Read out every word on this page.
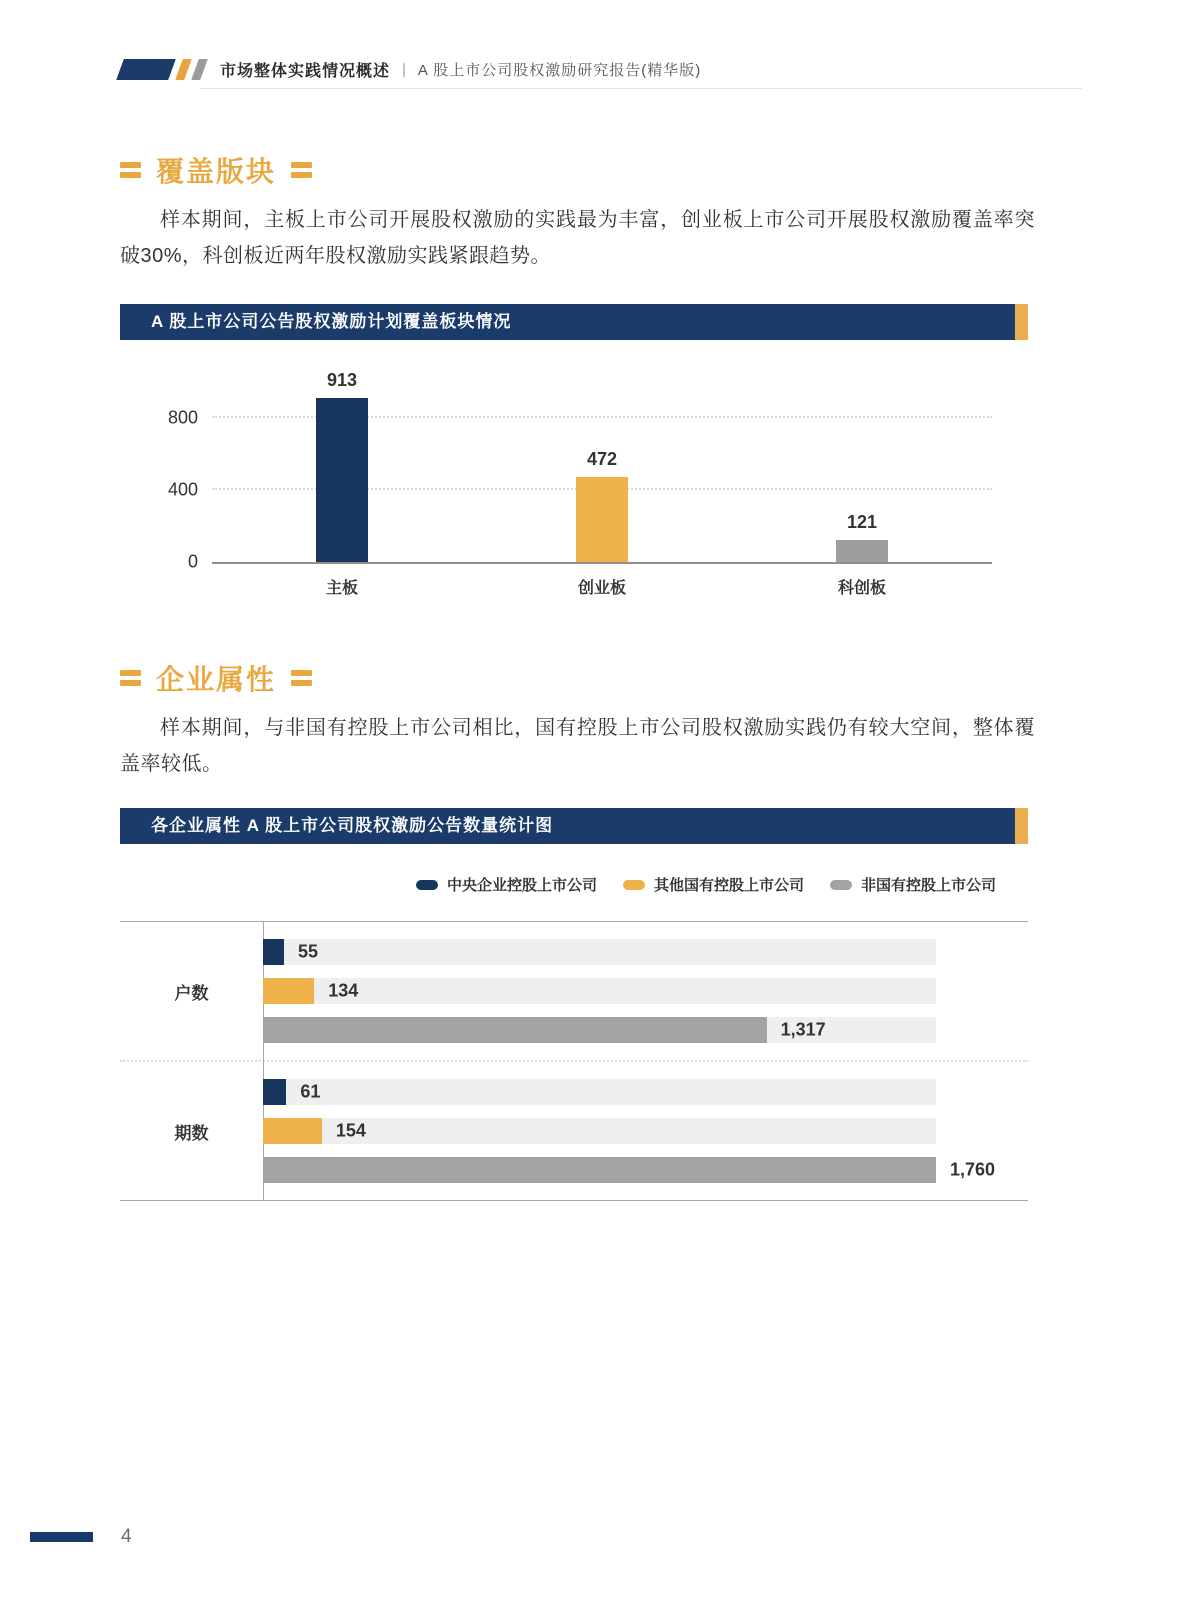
市场整体实践情况概述 | A 股上市公司股权激励研究报告(精华版)
覆盖版块

样本期间，主板上市公司开展股权激励的实践最为丰富，创业板上市公司开展股权激励覆盖率突破30%，科创板近两年股权激励实践紧跟趋势。

A 股上市公司公告股权激励计划覆盖板块情况
0
400
800
913
主板
472
创业板
121
科创板
企业属性

样本期间，与非国有控股上市公司相比，国有控股上市公司股权激励实践仍有较大空间，整体覆盖率较低。

各企业属性 A 股上市公司股权激励公告数量统计图
中央企业控股上市公司	其他国有控股上市公司	非国有控股上市公司
户数
55
134
1,317
期数
61
154
1,760
4
